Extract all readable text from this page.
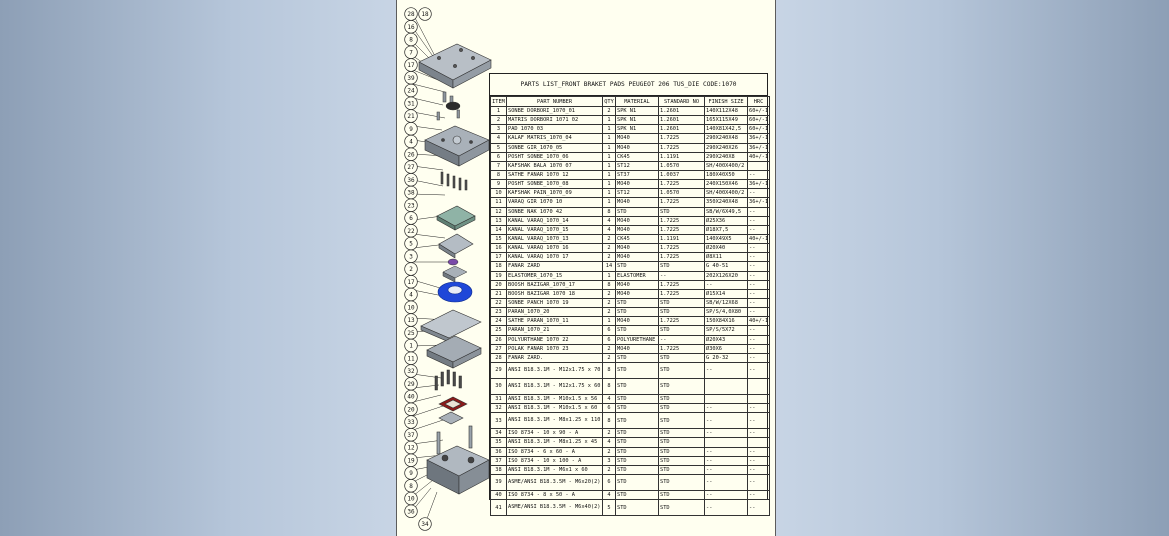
28 18
16
8
7
17
39
24
31
21
9
4
26
27
36
38
23
6
22
5
3
2
17
4
10
13
25
1
11
32
29
40
20
33
37
12
19
9
8
10
36
34
PARTS LIST_FRONT BRAKET PADS PEUGEOT 206 TUS_DIE CODE:1070
ITEM	PART NUMBER	QTY	MATERIAL	STANDARD NO	FINISH SIZE	HRC
1	SONBE DORBORI_1070_01	2	SPK N1	1.2601	140X112X48	60+/-1
2	MATRIS DORBORI 1071 02	1	SPK N1	1.2601	165X115X49	60+/-1
3	PAD 1070 03	1	SPK N1	1.2601	140X81X42,5	60+/-1
4	KALAF MATRIS_1070_04	1	MO40	1.7225	290X240X48	36+/-1
5	SONBE GIR_1070_05	1	MO40	1.7225	290X240X26	36+/-1
6	POSHT SONBE_1070_06	1	CK45	1.1191	290X240X8	40+/-1
7	KAFSHAK BALA 1070 07	1	ST12	1.0570	SH/400X400/2	
8	SATHE FANAR 1070 12	1	ST37	1.0037	180X40X50	--
9	POSHT SONBE_1070_08	1	MO40	1.7225	240X150X46	36+/-1
10	KAFSHAK PAIN_1070_09	1	ST12	1.0570	SH/400X400/2	--
11	VARAQ GIR 1070 10	1	MO40	1.7225	350X240X48	36+/-1
12	SONBE NAK 1070 42	8	STD	STD	SB/W/6X49,5	--
13	KANAL VARAQ_1070_14	4	MO40	1.7225	Ø25X36	--
14	KANAL VARAQ_1070_15	4	MO40	1.7225	Ø18X7,5	--
15	KANAL VARAQ_1070_13	2	CK45	1.1191	140X49X5	40+/-1
16	KANAL VARAQ 1070 16	2	MO40	1.7225	Ø20X40	--
17	KANAL VARAQ 1070 17	2	MO40	1.7225	Ø8X11	--
18	FANAR ZARD	14	STD	STD	G 40-51	--
19	ELASTOMER_1070_15	1	ELASTOMER	--	202X126X20	--
20	BOOSH BAZIGAR_1070_17	8	MO40	1.7225	--	--
21	BOOSH BAZIGAR 1070 18	2	MO40	1.7225	Ø15X14	--
22	SONBE PANCH 1070 19	2	STD	STD	SB/W/12X68	--
23	PARAN_1070_20	2	STD	STD	SP/S/4,0X80	--
24	SATHE PARAN_1070_11	1	MO40	1.7225	150X84X16	40+/-1
25	PARAN_1070_21	6	STD	STD	SP/S/5X72	--
26	POLYURTHANE 1070 22	6	POLYURETHANE	--	Ø20X43	--
27	POLAK FANAR 1070 23	2	MO40	1.7225	Ø30X6	--
28	FANAR ZARD.	2	STD	STD	G 20-32	--
29	ANSI B18.3.1M - M12x1.75 x 70	8	STD	STD	--	--
30	ANSI B18.3.1M - M12x1.75 x 60	8	STD	STD		
31	ANSI B18.3.1M - M10x1.5 x 56	4	STD	STD		
32	ANSI B18.3.1M - M10x1.5 x 60	6	STD	STD	--	--
33	ANSI B18.3.1M - M8x1.25 x 110	8	STD	STD	--	--
34	ISO 8734 - 10 x 90 - A	2	STD	STD	--	--
35	ANSI B18.3.1M - M8x1.25 x 45	4	STD	STD		
36	ISO 8734 - 6 x 60 - A	2	STD	STD	--	--
37	ISO 8734 - 10 x 100 - A	3	STD	STD	--	--
38	ANSI B18.3.1M - M6x1 x 60	2	STD	STD	--	--
39	ASME/ANSI B18.3.5M - M6x20(2)	6	STD	STD	--	--
40	ISO 8734 - 8 x 50 - A	4	STD	STD	--	--
41	ASME/ANSI B18.3.5M - M6x40(2)	5	STD	STD	--	--
